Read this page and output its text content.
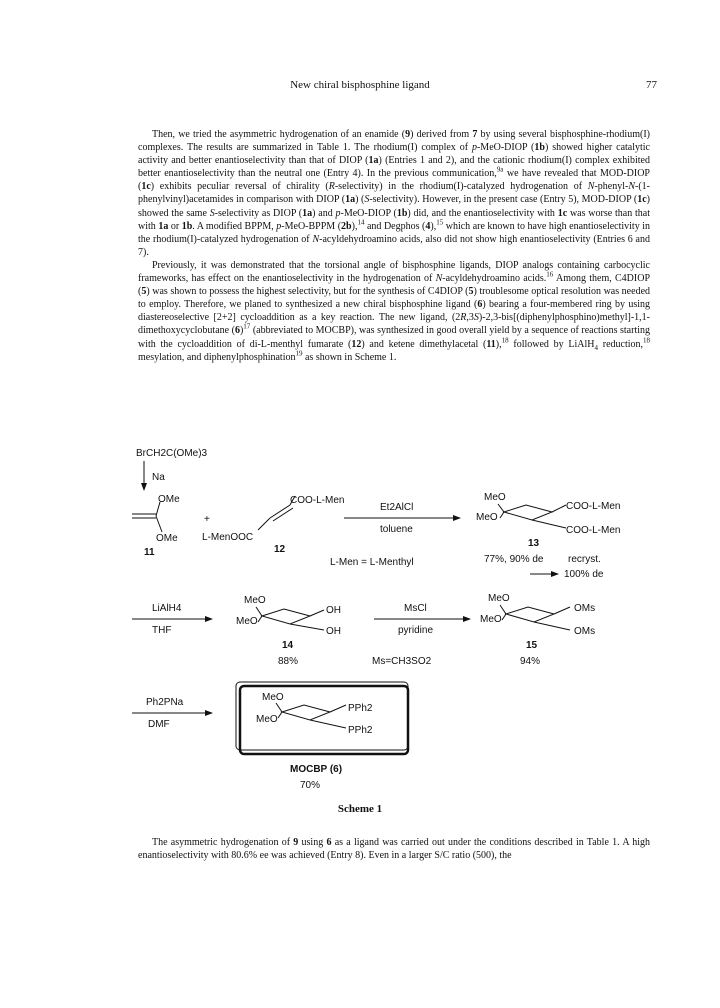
New chiral bisphosphine ligand	77

Then, we tried the asymmetric hydrogenation of an enamide (9) derived from 7 by using several bisphosphine-rhodium(I) complexes. The results are summarized in Table 1. The rhodium(I) complex of p-MeO-DIOP (1b) showed higher catalytic activity and better enantioselectivity than that of DIOP (1a) (Entries 1 and 2), and the cationic rhodium(I) complex exhibited better enantioselectivity than the neutral one (Entry 4). In the previous communication,$^{9a}$ we have revealed that MOD-DIOP (1c) exhibits peculiar reversal of chirality (R-selectivity) in the rhodium(I)-catalyzed hydrogenation of N-phenyl-N-(1-phenylvinyl)acetamides in comparison with DIOP (1a) (S-selectivity). However, in the present case (Entry 5), MOD-DIOP (1c) showed the same S-selectivity as DIOP (1a) and p-MeO-DIOP (1b) did, and the enantioselectivity with 1c was worse than that with 1a or 1b. A modified BPPM, p-MeO-BPPM (2b),$^{14}$ and Degphos (4),$^{15}$ which are known to have high enantioselectivity in the rhodium(I)-catalyzed hydrogenation of N-acyldehydroamino acids, also did not show high enantioselectivity (Entries 6 and 7).

Previously, it was demonstrated that the torsional angle of bisphosphine ligands, DIOP analogs containing carbocyclic frameworks, has effect on the enantioselectivity in the hydrogenation of N-acyldehydroamino acids.$^{16}$ Among them, C4DIOP (5) was shown to possess the highest selectivity, but for the synthesis of C4DIOP (5) troublesome optical resolution was needed to employ. Therefore, we planed to synthesized a new chiral bisphosphine ligand (6) bearing a four-membered ring by using diastereoselective [2+2] cycloaddition as a key reaction. The new ligand, (2R,3S)-2,3-bis[(diphenylphosphino)methyl]-1,1-dimethoxycyclobutane $(6)^{17}$ (abbreviated to MOCBP), was synthesized in good overall yield by a sequence of reactions starting with the cycloaddition of di-L-menthyl fumarate (12) and ketene dimethylacetal (11),$^{18}$ followed by LiAlH$_4$ reduction,$^{18}$ mesylation, and diphenylphosphination$^{19}$ as shown in Scheme 1.

BrCH2C(OMe)3
Na
OMe
OMe
+
11
COO-L-Men
L-MenOOC
12
Et2AlCl
toluene
L-Men = L-Menthyl
MeO
MeO
COO-L-Men
COO-L-Men
13
77%, 90% de recryst.
100% de
LiAlH4
THF
MeO
MeO
OH
OH
14
88%
MsCl
pyridine
Ms=CH3SO2
MeO
MeO
OMs
OMs
15
94%
Ph2PNa
DMF
MeO
MeO
PPh2
PPh2
MOCBP (6)
70%
Scheme 1

The asymmetric hydrogenation of 9 using 6 as a ligand was carried out under the conditions described in Table 1. A high enantioselectivity with 80.6% ee was achieved (Entry 8). Even in a larger S/C ratio (500), the
